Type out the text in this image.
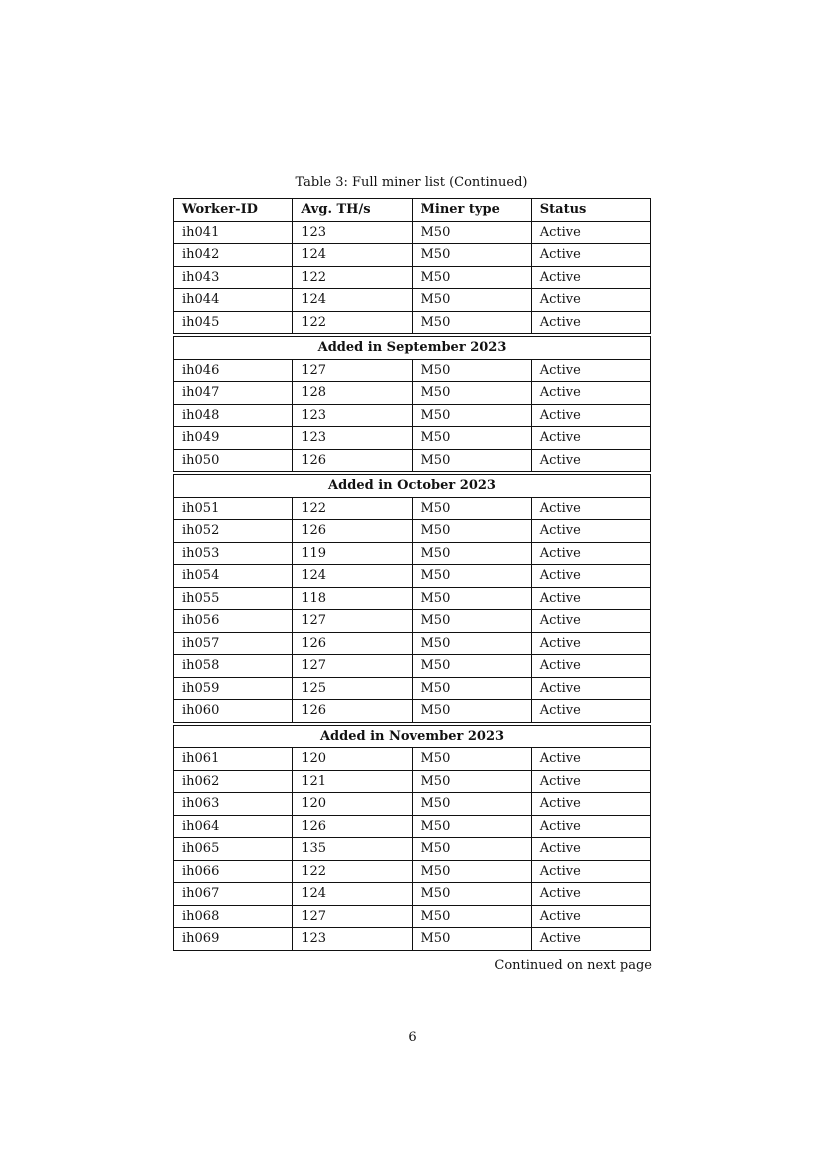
Table 3: Full miner list (Continued)
Worker-ID	Avg. TH/s	Miner type	Status
ih041	123	M50	Active
ih042	124	M50	Active
ih043	122	M50	Active
ih044	124	M50	Active
ih045	122	M50	Active
Added in September 2023			
ih046	127	M50	Active
ih047	128	M50	Active
ih048	123	M50	Active
ih049	123	M50	Active
ih050	126	M50	Active
Added in October 2023			
ih051	122	M50	Active
ih052	126	M50	Active
ih053	119	M50	Active
ih054	124	M50	Active
ih055	118	M50	Active
ih056	127	M50	Active
ih057	126	M50	Active
ih058	127	M50	Active
ih059	125	M50	Active
ih060	126	M50	Active
Added in November 2023			
ih061	120	M50	Active
ih062	121	M50	Active
ih063	120	M50	Active
ih064	126	M50	Active
ih065	135	M50	Active
ih066	122	M50	Active
ih067	124	M50	Active
ih068	127	M50	Active
ih069	123	M50	Active
Continued on next page
6
